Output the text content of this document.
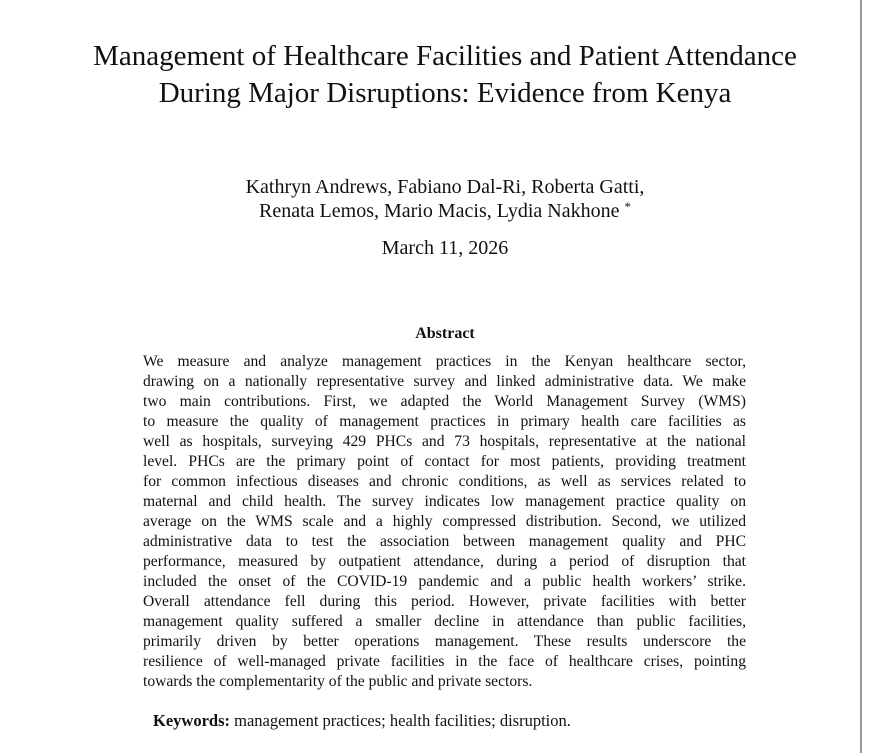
Management of Healthcare Facilities and Patient Attendance During Major Disruptions: Evidence from Kenya
Kathryn Andrews, Fabiano Dal-Ri, Roberta Gatti,
Renata Lemos, Mario Macis, Lydia Nakhone *
March 11, 2026
Abstract
We measure and analyze management practices in the Kenyan healthcare sector,
drawing on a nationally representative survey and linked administrative data. We make
two main contributions. First, we adapted the World Management Survey (WMS)
to measure the quality of management practices in primary health care facilities as
well as hospitals, surveying 429 PHCs and 73 hospitals, representative at the national
level. PHCs are the primary point of contact for most patients, providing treatment
for common infectious diseases and chronic conditions, as well as services related to
maternal and child health. The survey indicates low management practice quality on
average on the WMS scale and a highly compressed distribution. Second, we utilized
administrative data to test the association between management quality and PHC
performance, measured by outpatient attendance, during a period of disruption that
included the onset of the COVID-19 pandemic and a public health workers’ strike.
Overall attendance fell during this period. However, private facilities with better
management quality suffered a smaller decline in attendance than public facilities,
primarily driven by better operations management. These results underscore the
resilience of well-managed private facilities in the face of healthcare crises, pointing
towards the complementarity of the public and private sectors.
Keywords: management practices; health facilities; disruption.
